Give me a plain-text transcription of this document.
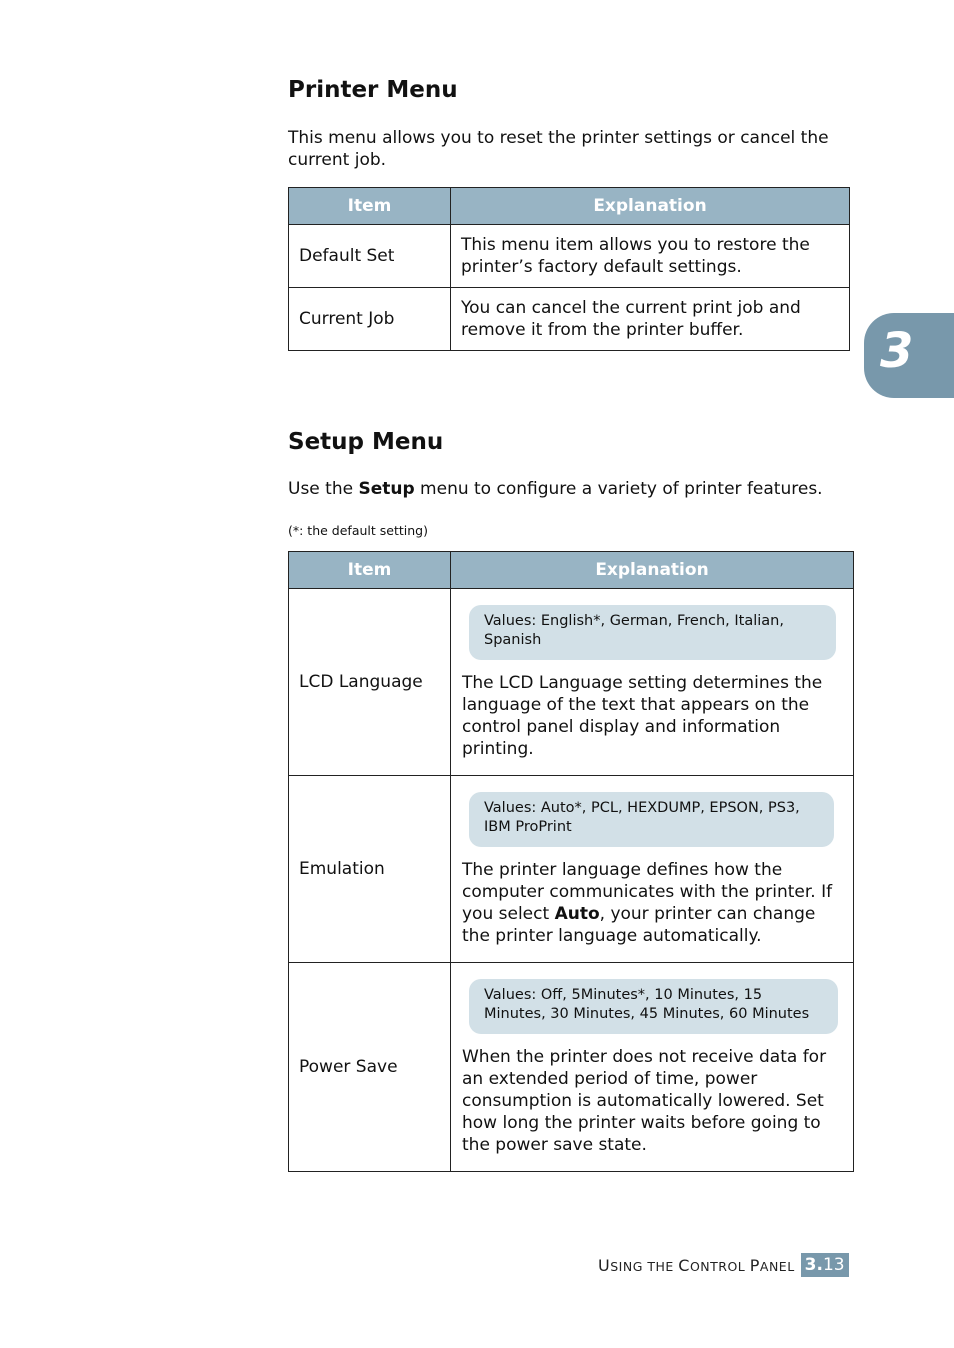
Printer Menu

This menu allows you to reset the printer settings or cancel the current job.

Item	Explanation
Default Set	This menu item allows you to restore the printer’s factory default settings.
Current Job	You can cancel the current print job and remove it from the printer buffer.	3
Setup Menu

Use the Setup menu to configure a variety of printer features.

(*: the default setting)

Item	Explanation
LCD Language	Values: English*, German, French, Italian, Spanish
The LCD Language setting determines the language of the text that appears on the control panel display and information printing.

Emulation	Values: Auto*, PCL, HEXDUMP, EPSON, PS3, IBM ProPrint
The printer language defines how the computer communicates with the printer. If you select Auto, your printer can change the printer language automatically.

Power Save	Values: Off, 5Minutes*, 10 Minutes, 15 Minutes, 30 Minutes, 45 Minutes, 60 Minutes
When the printer does not receive data for an extended period of time, power consumption is automatically lowered. Set how long the printer waits before going to the power save state.
USING THE CONTROL PANEL 3.13
